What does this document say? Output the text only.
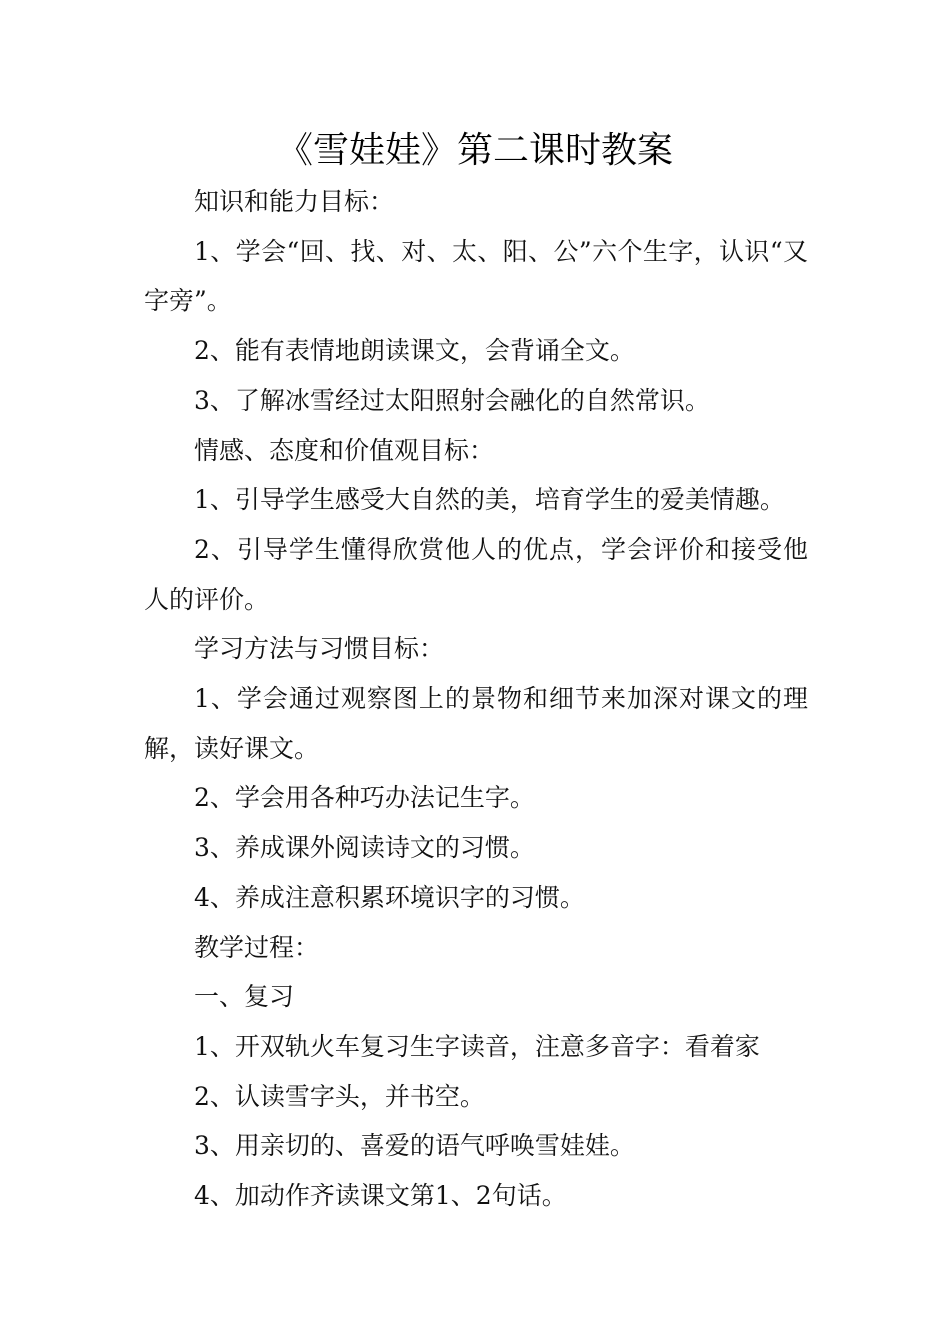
《雪娃娃》第二课时教案

知识和能力目标：

1、学会“回、找、对、太、阳、公”六个生字，认识“又字旁”。

2、能有表情地朗读课文，会背诵全文。

3、了解冰雪经过太阳照射会融化的自然常识。

情感、态度和价值观目标：

1、引导学生感受大自然的美，培育学生的爱美情趣。

2、引导学生懂得欣赏他人的优点，学会评价和接受他人的评价。

学习方法与习惯目标：

1、学会通过观察图上的景物和细节来加深对课文的理解，读好课文。

2、学会用各种巧办法记生字。

3、养成课外阅读诗文的习惯。

4、养成注意积累环境识字的习惯。

教学过程：

一、复习

1、开双轨火车复习生字读音，注意多音字：看着家

2、认读雪字头，并书空。

3、用亲切的、喜爱的语气呼唤雪娃娃。

4、加动作齐读课文第1、2句话。
